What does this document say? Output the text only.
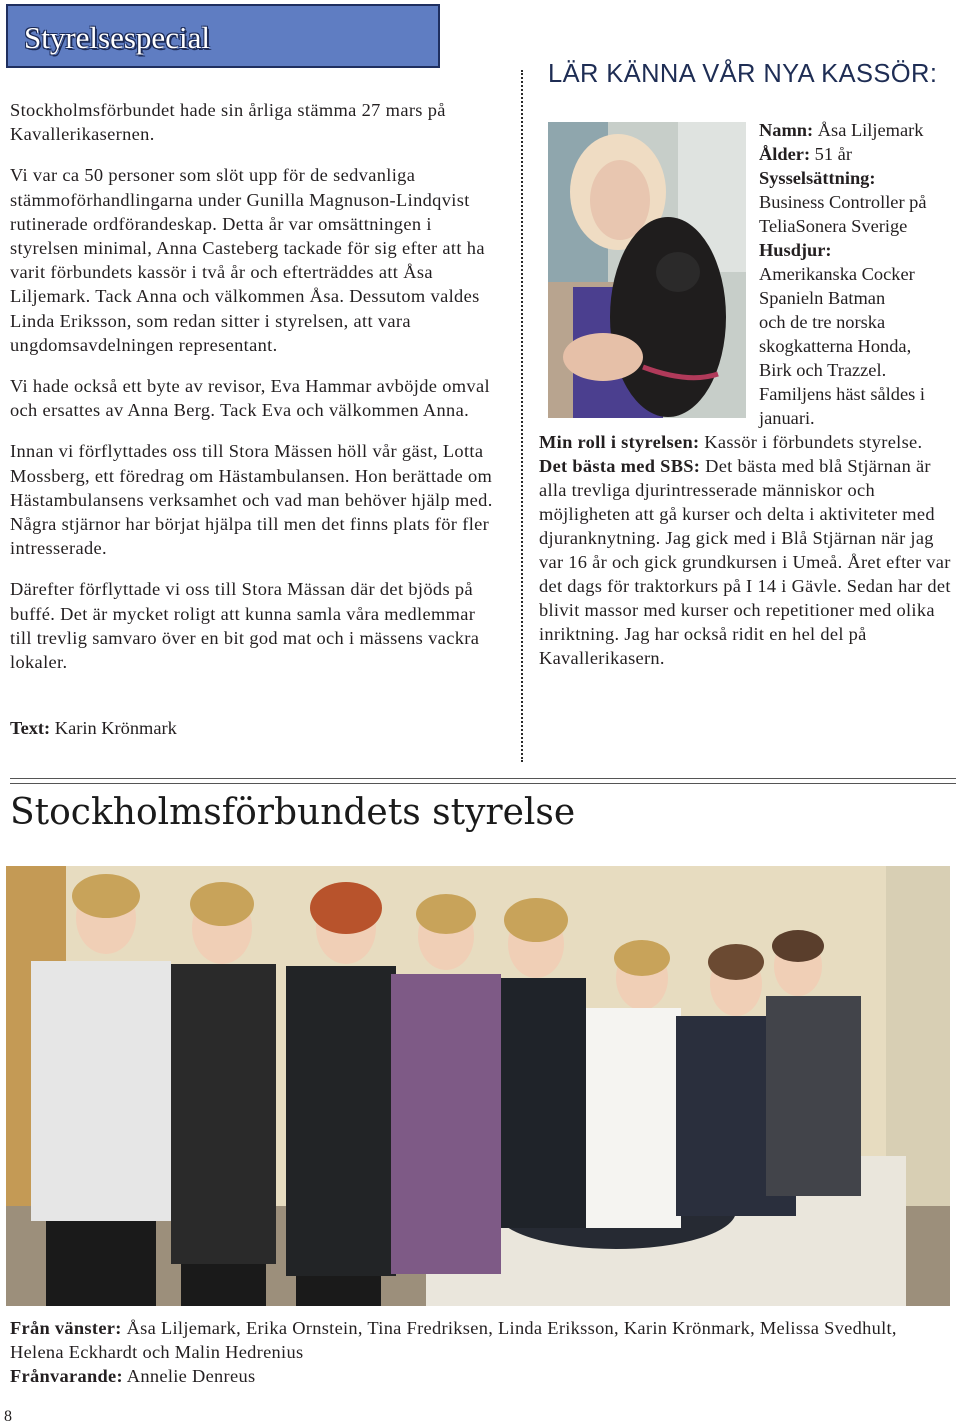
Styrelsespecial

Stockholmsförbundet hade sin årliga stämma 27 mars på Kavallerikasernen.

Vi var ca 50 personer som slöt upp för de sedvanliga stämmoförhandlingarna under Gunilla Magnuson-Lindqvist rutinerade ordförandeskap. Detta år var omsättningen i styrelsen minimal, Anna Casteberg tackade för sig efter att ha varit förbundets kassör i två år och efterträddes att Åsa Liljemark. Tack Anna och välkommen Åsa. Dessutom valdes Linda Eriksson, som redan sitter i styrelsen, att vara ungdomsavdelningen representant.

Vi hade också ett byte av revisor, Eva Hammar avböjde omval och ersattes av Anna Berg. Tack Eva och välkommen Anna.

Innan vi förflyttades oss till Stora Mässen höll vår gäst, Lotta Mossberg, ett föredrag om Hästambulansen. Hon berättade om Hästambulansens verksamhet och vad man behöver hjälp med. Några stjärnor har börjat hjälpa till men det finns plats för fler intresserade.

Därefter förflyttade vi oss till Stora Mässan där det bjöds på buffé. Det är mycket roligt att kunna samla våra medlemmar till trevlig samvaro över en bit god mat och i mässens vackra lokaler.

Text: Karin Krönmark
LÄR KÄNNA VÅR NYA KASSÖR:
Namn: Åsa Liljemark
Ålder: 51 år
Sysselsättning:
Business Controller på
TeliaSonera Sverige
Husdjur:
Amerikanska Cocker
Spanieln Batman
och de tre norska
skogkatterna Honda,
Birk och Trazzel.
Familjens häst såldes i
januari.

Min roll i styrelsen: Kassör i förbundets styrelse.

Det bästa med SBS: Det bästa med blå Stjärnan är alla trevliga djurintresserade människor och möjligheten att gå kurser och delta i aktiviteter med djuranknytning. Jag gick med i Blå Stjärnan när jag var 16 år och gick grundkursen i Umeå. Året efter var det dags för traktorkurs på I 14 i Gävle. Sedan har det blivit massor med kurser och repetitioner med olika inriktning. Jag har också ridit en hel del på Kavallerikasern.

Stockholmsförbundets styrelse

Från vänster: Åsa Liljemark, Erika Ornstein, Tina Fredriksen, Linda Eriksson, Karin Krönmark, Melissa Svedhult, Helena Eckhardt och Malin Hedrenius

Frånvarande: Annelie Denreus

8
